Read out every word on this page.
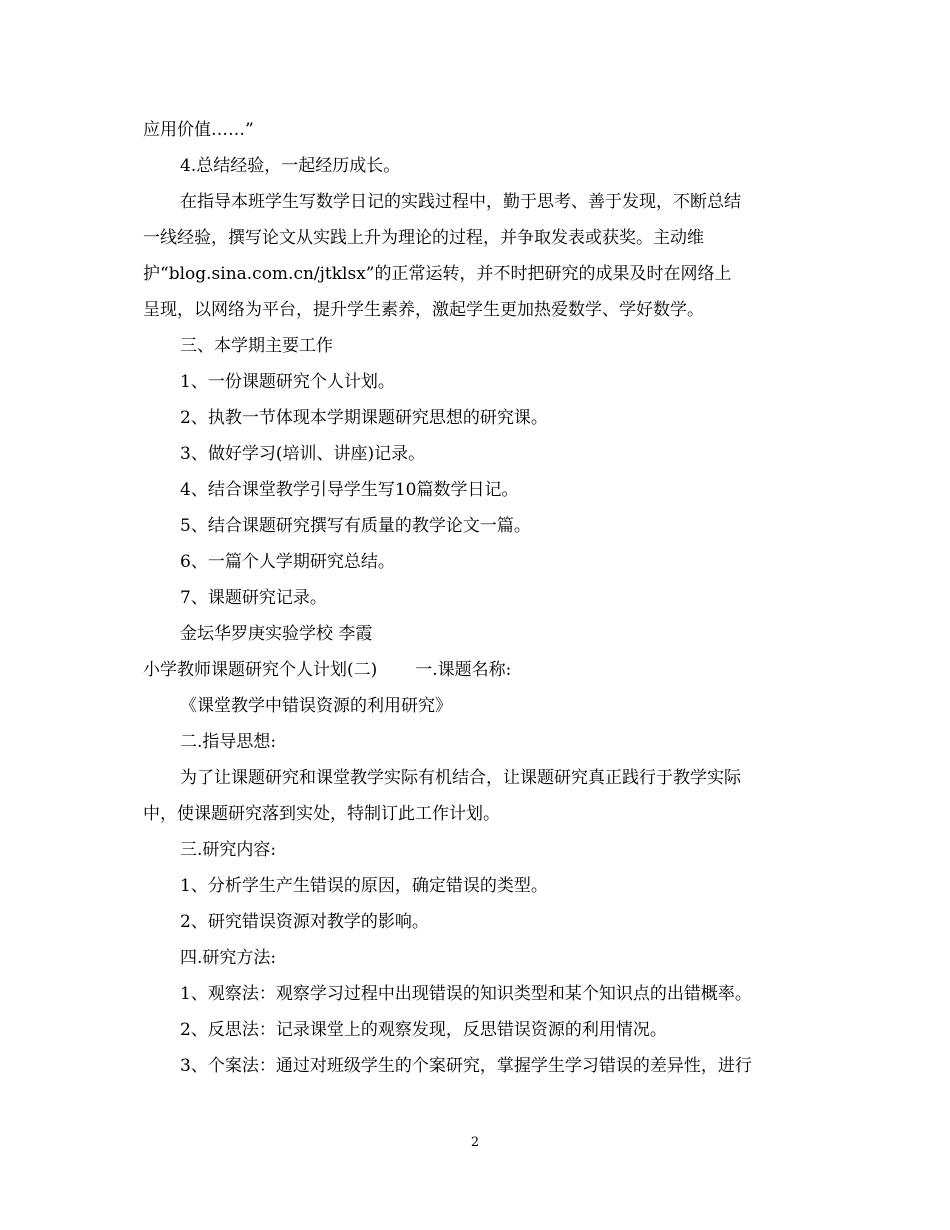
应用价值……”
4.总结经验，一起经历成长。
在指导本班学生写数学日记的实践过程中，勤于思考、善于发现，不断总结
一线经验，撰写论文从实践上升为理论的过程，并争取发表或获奖。主动维
护“blog.sina.com.cn/jtklsx”的正常运转，并不时把研究的成果及时在网络上
呈现，以网络为平台，提升学生素养，激起学生更加热爱数学、学好数学。
三、本学期主要工作
1、一份课题研究个人计划。
2、执教一节体现本学期课题研究思想的研究课。
3、做好学习(培训、讲座)记录。
4、结合课堂教学引导学生写10篇数学日记。
5、结合课题研究撰写有质量的教学论文一篇。
6、一篇个人学期研究总结。
7、课题研究记录。
金坛华罗庚实验学校 李霞
小学教师课题研究个人计划(二) 一.课题名称:
《课堂教学中错误资源的利用研究》
二.指导思想:
为了让课题研究和课堂教学实际有机结合，让课题研究真正践行于教学实际
中，使课题研究落到实处，特制订此工作计划。
三.研究内容:
1、分析学生产生错误的原因，确定错误的类型。
2、研究错误资源对教学的影响。
四.研究方法:
1、观察法：观察学习过程中出现错误的知识类型和某个知识点的出错概率。
2、反思法：记录课堂上的观察发现，反思错误资源的利用情况。
3、个案法：通过对班级学生的个案研究，掌握学生学习错误的差异性，进行
2
